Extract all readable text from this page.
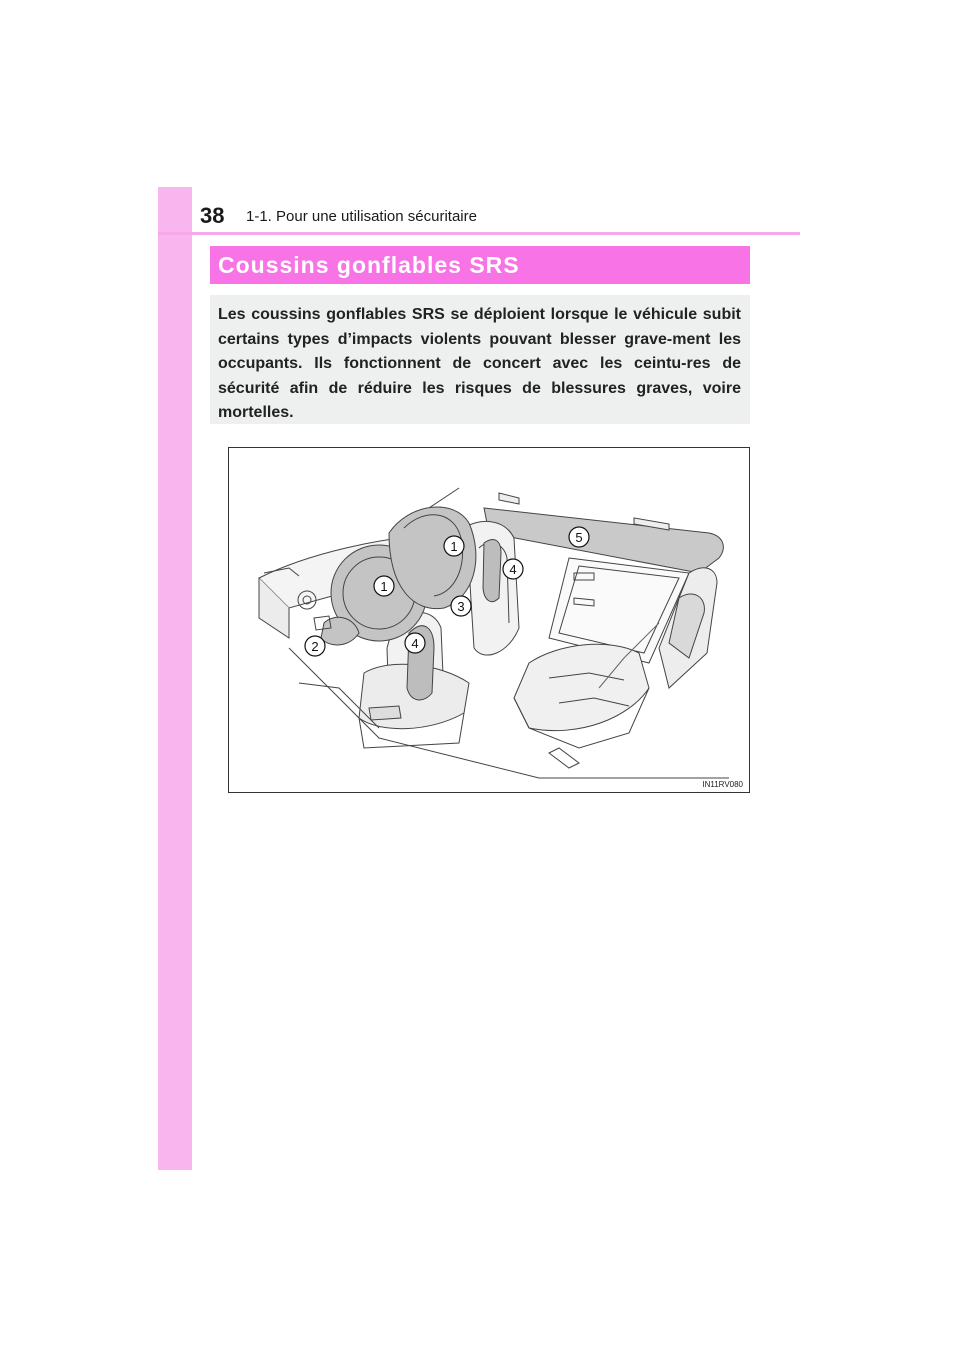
38 1-1. Pour une utilisation sécuritaire
Coussins gonflables SRS

Les coussins gonflables SRS se déploient lorsque le véhicule subit certains types d’impacts violents pouvant blesser grave-ment les occupants. Ils fonctionnent de concert avec les ceintu-res de sécurité afin de réduire les risques de blessures graves, voire mortelles.

1
1
2
3
4
4
5
IN11RV080
